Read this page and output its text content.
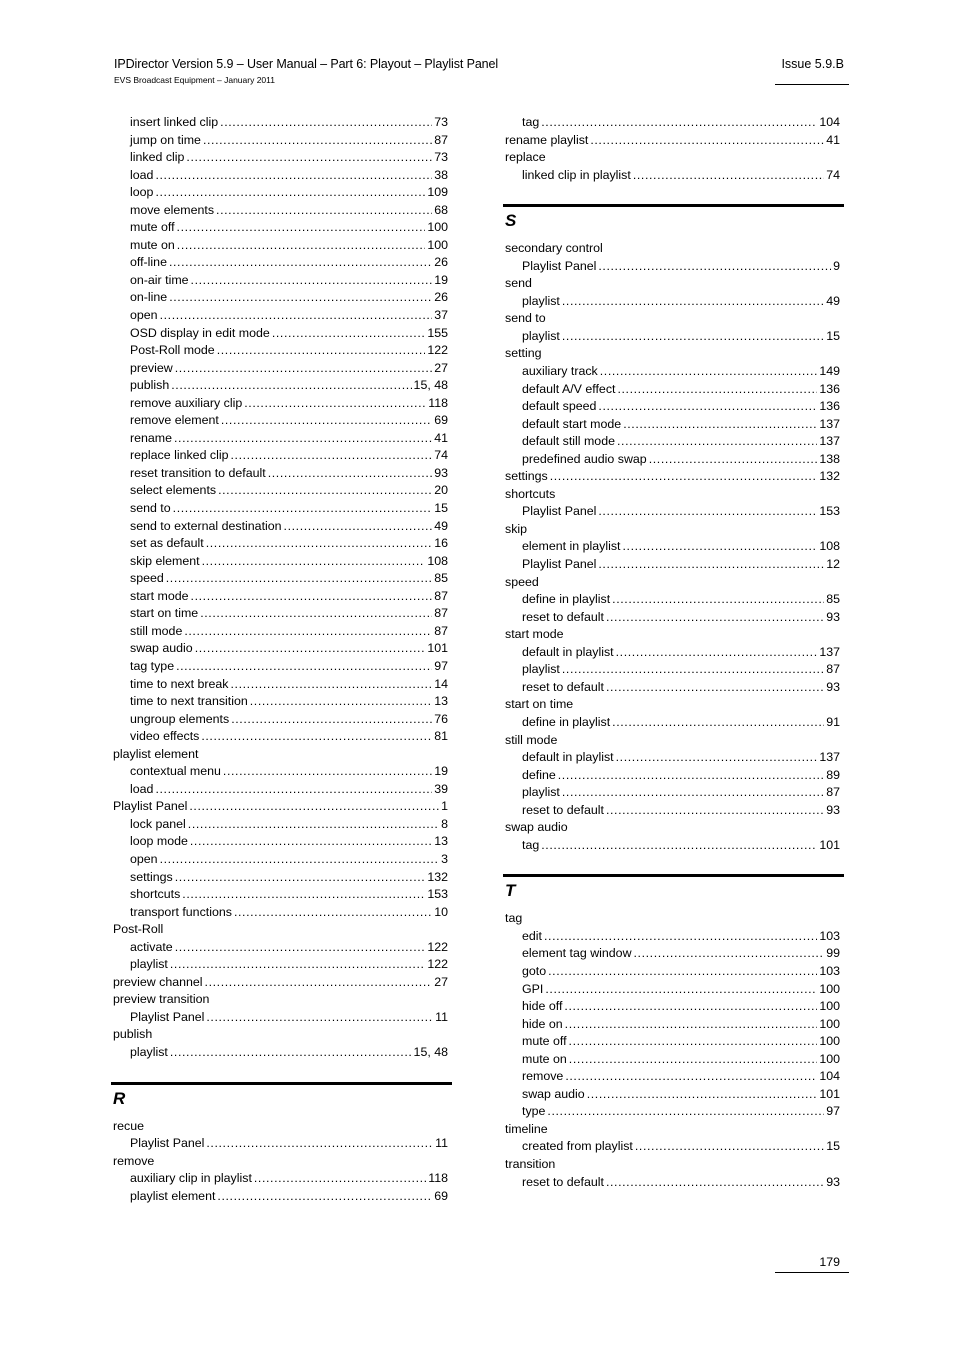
IPDirector Version 5.9 – User Manual – Part 6: Playout – Playlist Panel
EVS Broadcast Equipment – January 2011
Issue 5.9.B
insert linked clip .....	73
jump on time .....	87
linked clip .....	73
load .....	38
loop .....	109
move elements .....	68
mute off .....	100
mute on .....	100
off-line .....	26
on-air time .....	19
on-line .....	26
open .....	37
OSD display in edit mode .....	155
Post-Roll mode .....	122
preview .....	27
publish .....	15, 48
remove auxiliary clip .....	118
remove element .....	69
rename .....	41
replace linked clip .....	74
reset transition to default .....	93
select elements .....	20
send to .....	15
send to external destination .....	49
set as default .....	16
skip element .....	108
speed .....	85
start mode .....	87
start on time .....	87
still mode .....	87
swap audio .....	101
tag type .....	97
time to next break .....	14
time to next transition .....	13
ungroup elements .....	76
video effects .....	81
playlist element
contextual menu .....	19
load .....	39
Playlist Panel .....	1
lock panel .....	8
loop mode .....	13
open .....	3
settings .....	132
shortcuts .....	153
transport functions .....	10
Post-Roll
activate .....	122
playlist .....	122
preview channel .....	27
preview transition
Playlist Panel .....	11
publish
playlist .....	15, 48
R
recue
Playlist Panel .....	11
remove
auxiliary clip in playlist .....	118
playlist element .....	69
tag .....	104
rename playlist .....	41
replace
linked clip in playlist .....	74
S
secondary control
Playlist Panel .....	9
send
playlist .....	49
send to
playlist .....	15
setting
auxiliary track .....	149
default A/V effect .....	136
default speed .....	136
default start mode .....	137
default still mode .....	137
predefined audio swap .....	138
settings .....	132
shortcuts
Playlist Panel .....	153
skip
element in playlist .....	108
Playlist Panel .....	12
speed
define in playlist .....	85
reset to default .....	93
start mode
default in playlist .....	137
playlist .....	87
reset to default .....	93
start on time
define in playlist .....	91
still mode
default in playlist .....	137
define .....	89
playlist .....	87
reset to default .....	93
swap audio
tag .....	101
T
tag
edit .....	103
element tag window .....	99
goto .....	103
GPI .....	100
hide off .....	100
hide on .....	100
mute off .....	100
mute on .....	100
remove .....	104
swap audio .....	101
type .....	97
timeline
created from playlist .....	15
transition
reset to default .....	93
179
